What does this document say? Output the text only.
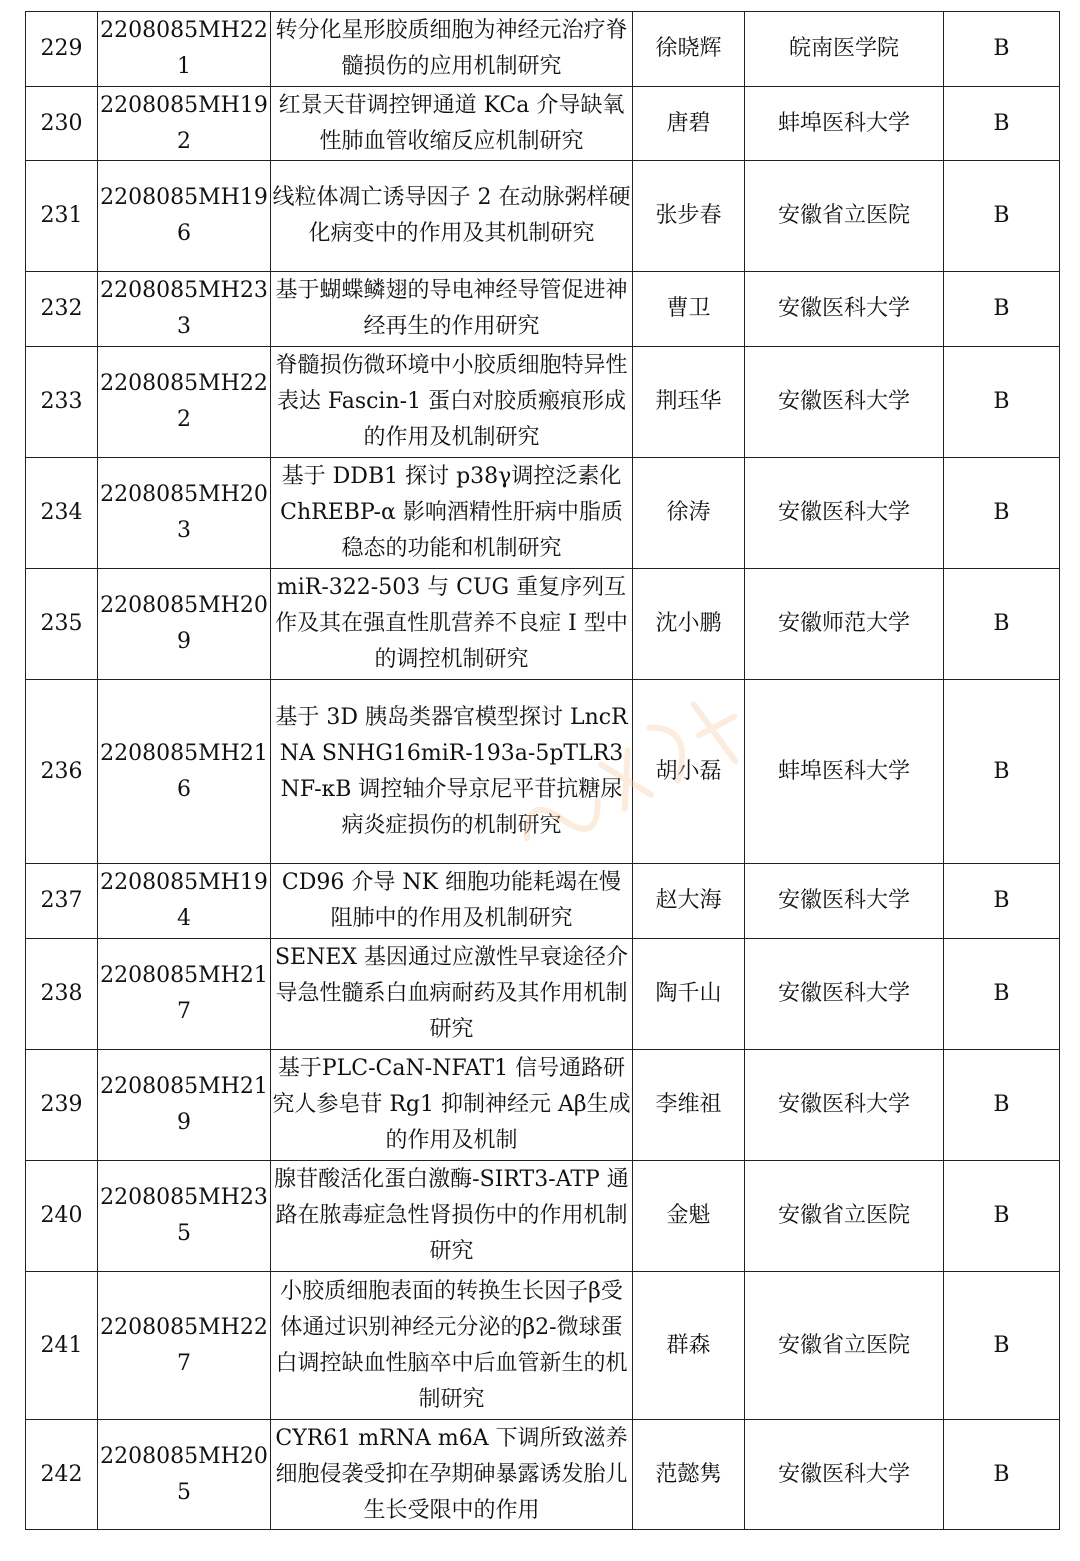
229	2208085MH221	转分化星形胶质细胞为神经元治疗脊髓损伤的应用机制研究	徐晓辉	皖南医学院	B
230	2208085MH192	红景天苷调控钾通道 KCa 介导缺氧性肺血管收缩反应机制研究	唐碧	蚌埠医科大学	B
231	2208085MH196	线粒体凋亡诱导因子 2 在动脉粥样硬化病变中的作用及其机制研究	张步春	安徽省立医院	B
232	2208085MH233	基于蝴蝶鳞翅的导电神经导管促进神经再生的作用研究	曹卫	安徽医科大学	B
233	2208085MH222	脊髓损伤微环境中小胶质细胞特异性表达 Fascin-1 蛋白对胶质瘢痕形成的作用及机制研究	荆珏华	安徽医科大学	B
234	2208085MH203	基于 DDB1 探讨 p38γ调控泛素化 ChREBP-α 影响酒精性肝病中脂质稳态的功能和机制研究	徐涛	安徽医科大学	B
235	2208085MH209	miR-322-503 与 CUG 重复序列互作及其在强直性肌营养不良症 I 型中的调控机制研究	沈小鹏	安徽师范大学	B
236	2208085MH216	基于 3D 胰岛类器官模型探讨 LncRNA SNHG16miR-193a-5pTLR3 NF-κB 调控轴介导京尼平苷抗糖尿病炎症损伤的机制研究	胡小磊	蚌埠医科大学	B
237	2208085MH194	CD96 介导 NK 细胞功能耗竭在慢阻肺中的作用及机制研究	赵大海	安徽医科大学	B
238	2208085MH217	SENEX 基因通过应激性早衰途径介导急性髓系白血病耐药及其作用机制研究	陶千山	安徽医科大学	B
239	2208085MH219	基于PLC-CaN-NFAT1 信号通路研究人参皂苷 Rg1 抑制神经元 Aβ生成的作用及机制	李维祖	安徽医科大学	B
240	2208085MH235	腺苷酸活化蛋白激酶-SIRT3-ATP 通路在脓毒症急性肾损伤中的作用机制研究	金魁	安徽省立医院	B
241	2208085MH227	小胶质细胞表面的转换生长因子β受体通过识别神经元分泌的β2-微球蛋白调控缺血性脑卒中后血管新生的机制研究	群森	安徽省立医院	B
242	2208085MH205	CYR61 mRNA m6A 下调所致滋养细胞侵袭受抑在孕期砷暴露诱发胎儿生长受限中的作用	范懿隽	安徽医科大学	B
